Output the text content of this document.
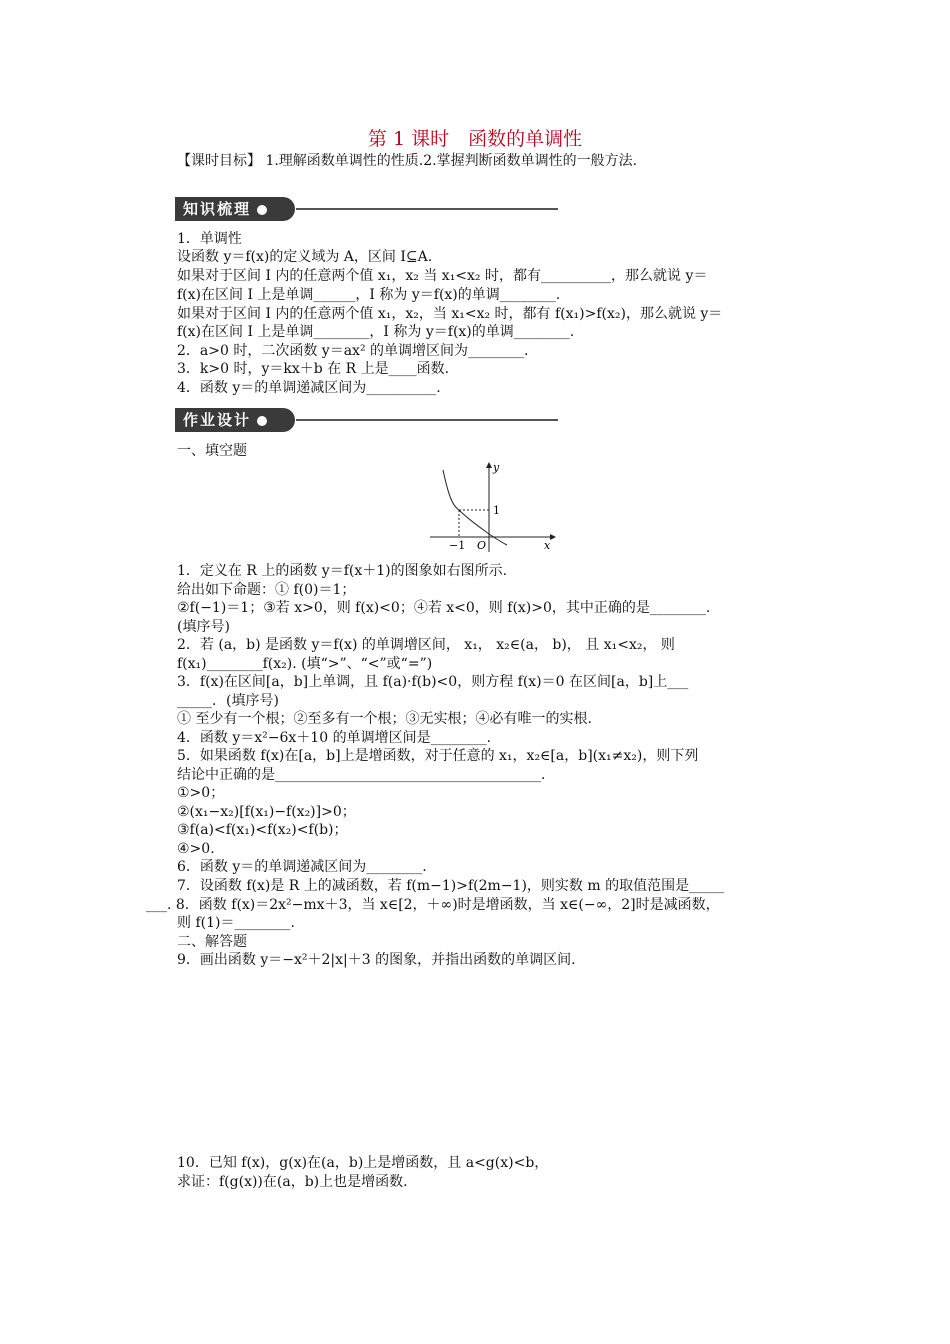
第 1 课时　函数的单调性
【课时目标】 1.理解函数单调性的性质.2.掌握判断函数单调性的一般方法.
知识梳理
1．单调性
设函数 y＝f(x)的定义域为 A，区间 I⊆A.
如果对于区间 I 内的任意两个值 x₁，x₂ 当 x₁<x₂ 时，都有__________，那么就说 y＝
f(x)在区间 I 上是单调______，I 称为 y＝f(x)的单调________.
如果对于区间 I 内的任意两个值 x₁，x₂，当 x₁<x₂ 时，都有 f(x₁)>f(x₂)，那么就说 y＝
f(x)在区间 I 上是单调________，I 称为 y＝f(x)的单调________.
2．a>0 时，二次函数 y＝ax² 的单调增区间为________.
3．k>0 时，y＝kx＋b 在 R 上是____函数.
4．函数 y＝的单调递减区间为__________.
作业设计
一、填空题
y
x
O
−1
1
1．定义在 R 上的函数 y＝f(x＋1)的图象如右图所示.
给出如下命题：① f(0)＝1；
②f(−1)＝1；③若 x>0，则 f(x)<0；④若 x<0，则 f(x)>0，其中正确的是________.
(填序号)
2．若 (a，b) 是函数 y＝f(x) 的单调增区间， x₁， x₂∈(a， b)， 且 x₁<x₂， 则
f(x₁)________f(x₂). (填“>”、“<”或“=”)
3．f(x)在区间[a，b]上单调，且 f(a)·f(b)<0，则方程 f(x)＝0 在区间[a，b]上___
_____．(填序号)
① 至少有一个根；②至多有一个根；③无实根；④必有唯一的实根.
4．函数 y＝x²−6x＋10 的单调增区间是________.
5．如果函数 f(x)在[a，b]上是增函数，对于任意的 x₁，x₂∈[a，b](x₁≠x₂)，则下列
结论中正确的是______________________________________.
①>0；
②(x₁−x₂)[f(x₁)−f(x₂)]>0；
③f(a)<f(x₁)<f(x₂)<f(b)；
④>0.
6．函数 y＝的单调递减区间为________.
7．设函数 f(x)是 R 上的减函数，若 f(m−1)>f(2m−1)，则实数 m 的取值范围是_____
___. 8．函数 f(x)＝2x²−mx＋3，当 x∈[2，＋∞)时是增函数，当 x∈(−∞，2]时是减函数，
则 f(1)＝________.
二、解答题
9．画出函数 y＝−x²＋2|x|＋3 的图象，并指出函数的单调区间.
10．已知 f(x)，g(x)在(a，b)上是增函数，且 a<g(x)<b，
求证：f(g(x))在(a，b)上也是增函数.
